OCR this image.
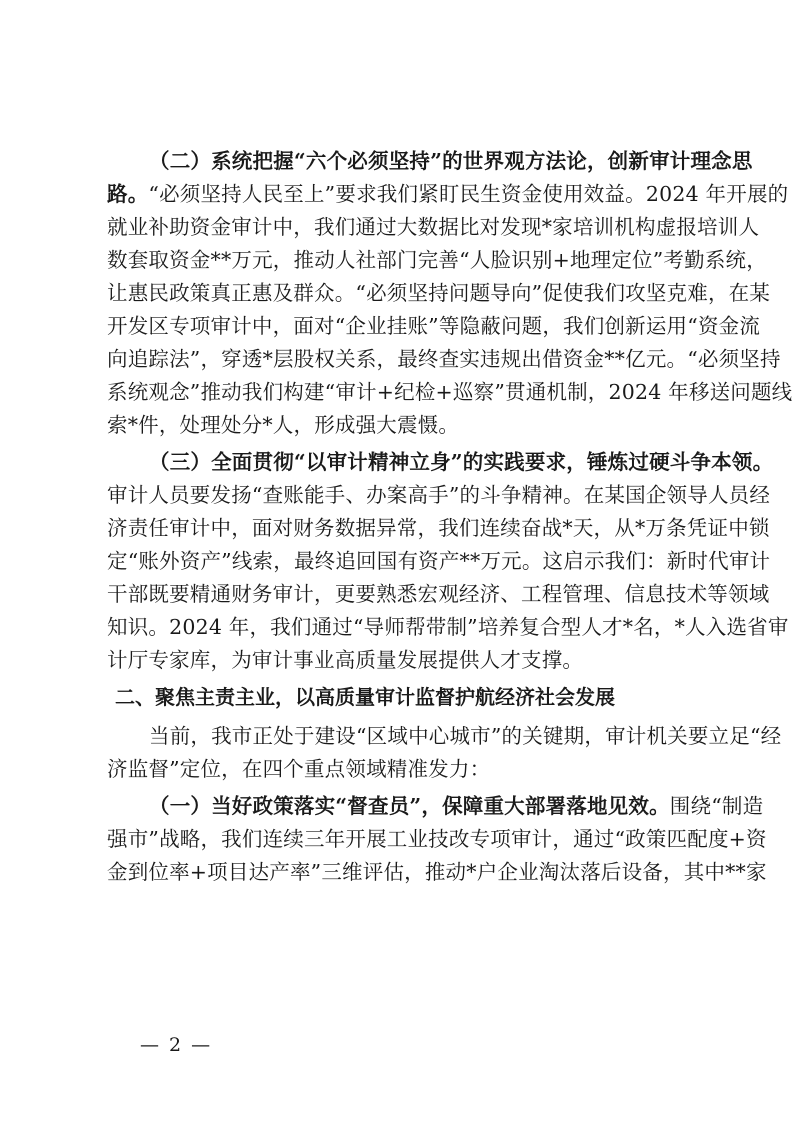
（二）系统把握“六个必须坚持”的世界观方法论，创新审计理念思
路。“必须坚持人民至上”要求我们紧盯民生资金使用效益。2024 年开展的
就业补助资金审计中，我们通过大数据比对发现*家培训机构虚报培训人
数套取资金**万元，推动人社部门完善“人脸识别+地理定位”考勤系统，
让惠民政策真正惠及群众。“必须坚持问题导向”促使我们攻坚克难，在某
开发区专项审计中，面对“企业挂账”等隐蔽问题，我们创新运用“资金流
向追踪法”，穿透*层股权关系，最终查实违规出借资金**亿元。“必须坚持
系统观念”推动我们构建“审计+纪检+巡察”贯通机制，2024 年移送问题线
索*件，处理处分*人，形成强大震慑。
（三）全面贯彻“以审计精神立身”的实践要求，锤炼过硬斗争本领。
审计人员要发扬“查账能手、办案高手”的斗争精神。在某国企领导人员经
济责任审计中，面对财务数据异常，我们连续奋战*天，从*万条凭证中锁
定“账外资产”线索，最终追回国有资产**万元。这启示我们：新时代审计
干部既要精通财务审计，更要熟悉宏观经济、工程管理、信息技术等领域
知识。2024 年，我们通过“导师帮带制”培养复合型人才*名，*人入选省审
计厅专家库，为审计事业高质量发展提供人才支撑。
二、聚焦主责主业，以高质量审计监督护航经济社会发展
当前，我市正处于建设“区域中心城市”的关键期，审计机关要立足“经
济监督”定位，在四个重点领域精准发力：
（一）当好政策落实“督查员”，保障重大部署落地见效。围绕“制造
强市”战略，我们连续三年开展工业技改专项审计，通过“政策匹配度+资
金到位率+项目达产率”三维评估，推动*户企业淘汰落后设备，其中**家
— 2 —
